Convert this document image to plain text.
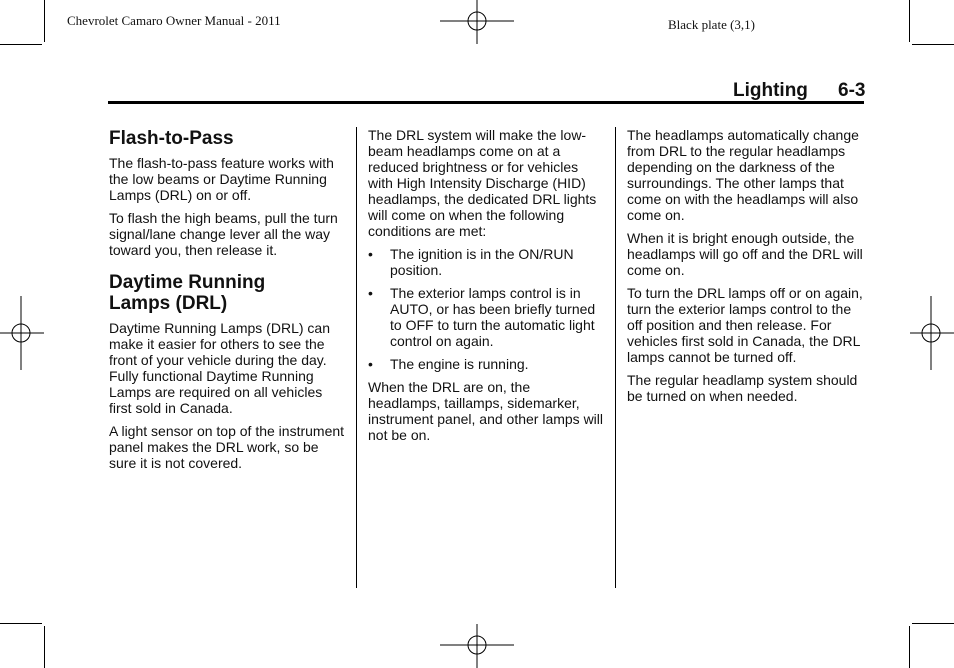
Chevrolet Camaro Owner Manual - 2011	Black plate (3,1)
Lighting 6-3
Flash-to-Pass

The flash-to-pass feature works with the low beams or Daytime Running Lamps (DRL) on or off.

To flash the high beams, pull the turn signal/lane change lever all the way toward you, then release it.

Daytime Running Lamps (DRL)

Daytime Running Lamps (DRL) can make it easier for others to see the front of your vehicle during the day. Fully functional Daytime Running Lamps are required on all vehicles first sold in Canada.

A light sensor on top of the instrument panel makes the DRL work, so be sure it is not covered.

The DRL system will make the low-beam headlamps come on at a reduced brightness or for vehicles with High Intensity Discharge (HID) headlamps, the dedicated DRL lights will come on when the following conditions are met:

• The ignition is in the ON/RUN position.
• The exterior lamps control is in AUTO, or has been briefly turned to OFF to turn the automatic light control on again.
• The engine is running.

When the DRL are on, the headlamps, taillamps, sidemarker, instrument panel, and other lamps will not be on.

The headlamps automatically change from DRL to the regular headlamps depending on the darkness of the surroundings. The other lamps that come on with the headlamps will also come on.

When it is bright enough outside, the headlamps will go off and the DRL will come on.

To turn the DRL lamps off or on again, turn the exterior lamps control to the off position and then release. For vehicles first sold in Canada, the DRL lamps cannot be turned off.

The regular headlamp system should be turned on when needed.
